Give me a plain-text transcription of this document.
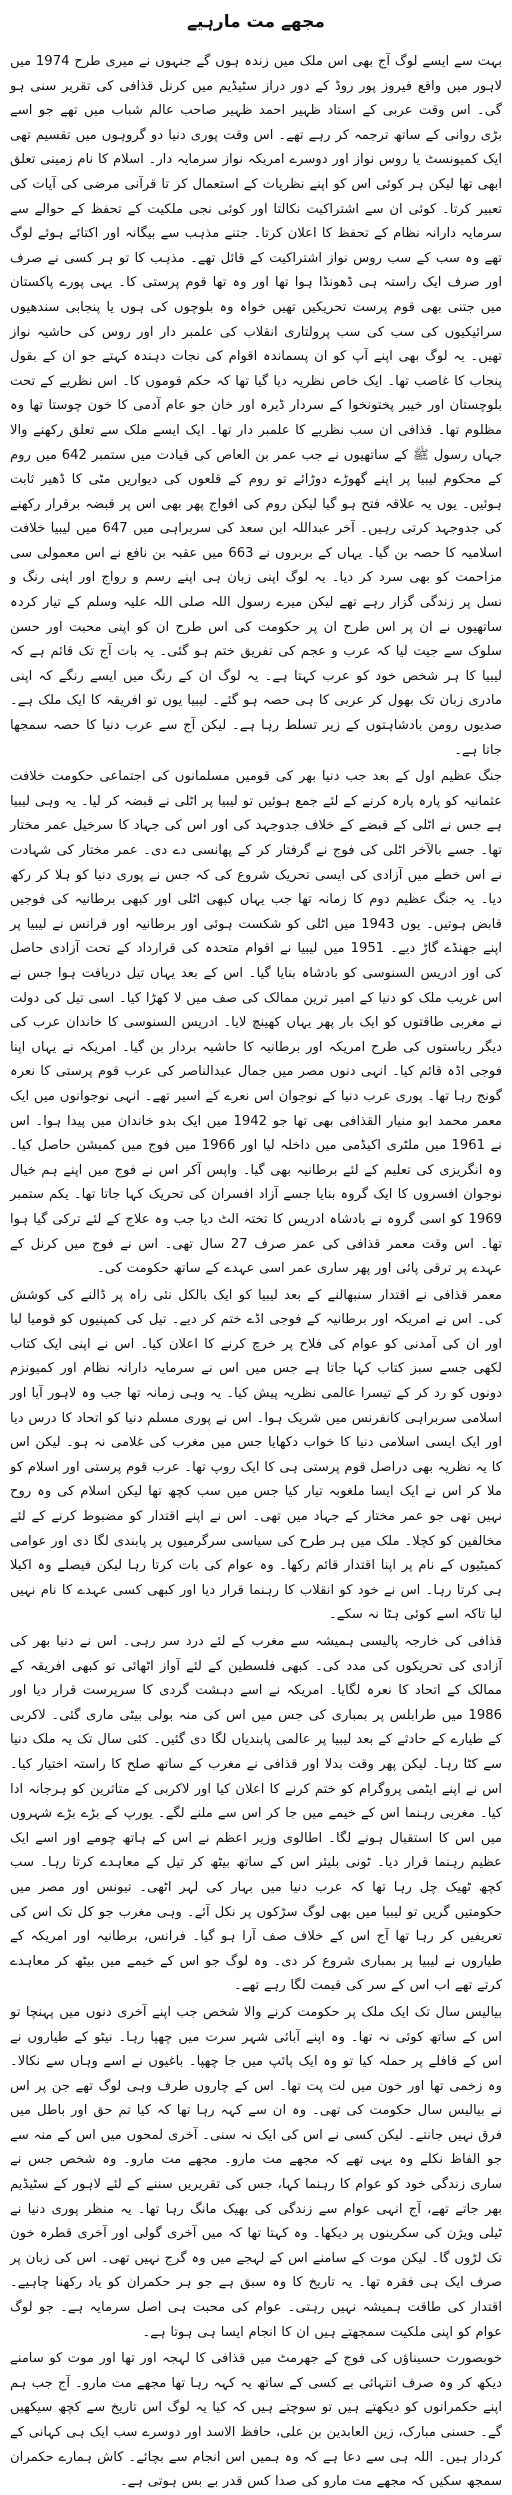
مجھے مت مارہیے

بہت سے ایسے لوگ آج بھی اس ملک میں زندہ ہوں گے جنہوں نے میری طرح 1974 میں لاہور میں واقع فیروز پور روڈ کے دور دراز سٹیڈیم میں کرنل قذافی کی تقریر سنی ہو گی۔ اس وقت عربی کے استاد ظہیر احمد ظہیر صاحب عالم شباب میں تھے جو اسے بڑی روانی کے ساتھ ترجمہ کر رہے تھے۔ اس وقت پوری دنیا دو گروہوں میں تقسیم تھی ایک کمیونسٹ یا روس نواز اور دوسرے امریکہ نواز سرمایہ دار۔ اسلام کا نام زمینی تعلق ابھی تھا لیکن ہر کوئی اس کو اپنے نظریات کے استعمال کر تا قرآنی مرضی کی آیات کی تعبیر کرتا۔ کوئی ان سے اشتراکیت نکالتا اور کوئی نجی ملکیت کے تحفظ کے حوالے سے سرمایہ دارانہ نظام کے تحفظ کا اعلان کرتا۔ جتنے مذہب سے بیگانہ اور اکتائے ہوئے لوگ تھے وہ سب کے سب روس نواز اشتراکیت کے قائل تھے۔ مذہب کا تو ہر کسی نے صرف اور صرف ایک راستہ ہی ڈھونڈا ہوا تھا اور وہ تھا قوم پرستی کا۔ یہی پورے پاکستان میں جتنی بھی قوم پرست تحریکیں تھیں خواہ وہ بلوچوں کی ہوں یا پنجابی سندھیوں سرائیکیوں کی سب کی سب پرولتاری انقلاب کی علمبر دار اور روس کی حاشیہ نواز تھیں۔ یہ لوگ بھی اپنے آپ کو ان پسماندہ اقوام کی نجات دہندہ کہتے جو ان کے بقول پنجاب کا غاصب تھا۔ ایک خاص نظریہ دیا گیا تھا کہ حکم قوموں کا۔ اس نظریے کے تحت بلوچستان اور خیبر پختونخوا کے سردار ڈیرہ اور خان جو عام آدمی کا خون چوستا تھا وہ مظلوم تھا۔ قذافی ان سب نظریے کا علمبر دار تھا۔ ایک ایسے ملک سے تعلق رکھنے والا جہاں رسول ﷺ کے ساتھیوں نے جب عمر بن العاص کی قیادت میں ستمبر 642 میں روم کے محکوم لیبیا پر اپنے گھوڑے دوڑائے تو روم کے قلعوں کی دیواریں مٹی کا ڈھیر ثابت ہوئیں۔ یوں یہ علاقہ فتح ہو گیا لیکن روم کی افواج پھر بھی اس پر قبضہ برقرار رکھنے کی جدوجہد کرتی رہیں۔ آخر عبداللہ ابن سعد کی سربراہی میں 647 میں لیبیا خلافت اسلامیہ کا حصہ بن گیا۔ یہاں کے بربروں نے 663 میں عقبہ بن نافع نے اس معمولی سی مزاحمت کو بھی سرد کر دیا۔ یہ لوگ اپنی زبان ہی اپنے رسم و رواج اور اپنی رنگ و نسل پر زندگی گزار رہے تھے لیکن میرے رسول اللہ صلی اللہ علیہ وسلم کے تیار کردہ ساتھیوں نے ان پر اس طرح ان پر حکومت کی اس طرح ان کو اپنی محبت اور حسن سلوک سے جیت لیا کہ عرب و عجم کی تفریق ختم ہو گئی۔ یہ بات آج تک قائم ہے کہ لیبیا کا ہر شخص خود کو عرب کہتا ہے۔ یہ لوگ ان کے رنگ میں ایسے رنگے کہ اپنی مادری زبان تک بھول کر عربی کا ہی حصہ ہو گئے۔ لیبیا یوں تو افریقہ کا ایک ملک ہے۔ صدیوں رومن بادشاہتوں کے زیر تسلط رہا ہے۔ لیکن آج سے عرب دنیا کا حصہ سمجھا جاتا ہے۔

جنگ عظیم اول کے بعد جب دنیا بھر کی قومیں مسلمانوں کی اجتماعی حکومت خلافت عثمانیہ کو پارہ پارہ کرنے کے لئے جمع ہوئیں تو لیبیا پر اٹلی نے قبضہ کر لیا۔ یہ وہی لیبیا ہے جس نے اٹلی کے قبضے کے خلاف جدوجہد کی اور اس کی جہاد کا سرخیل عمر مختار تھا۔ جسے بالآخر اٹلی کی فوج نے گرفتار کر کے پھانسی دے دی۔ عمر مختار کی شہادت نے اس خطے میں آزادی کی ایسی تحریک شروع کی کہ جس نے پوری دنیا کو ہلا کر رکھ دیا۔ یہ جنگ عظیم دوم کا زمانہ تھا جب یہاں کبھی اٹلی اور کبھی برطانیہ کی فوجیں قابض ہوتیں۔ یوں 1943 میں اٹلی کو شکست ہوئی اور برطانیہ اور فرانس نے لیبیا پر اپنے جھنڈے گاڑ دیے۔ 1951 میں لیبیا نے اقوام متحدہ کی قرارداد کے تحت آزادی حاصل کی اور ادریس السنوسی کو بادشاہ بنایا گیا۔ اس کے بعد یہاں تیل دریافت ہوا جس نے اس غریب ملک کو دنیا کے امیر ترین ممالک کی صف میں لا کھڑا کیا۔ اسی تیل کی دولت نے مغربی طاقتوں کو ایک بار پھر یہاں کھینچ لایا۔ ادریس السنوسی کا خاندان عرب کی دیگر ریاستوں کی طرح امریکہ اور برطانیہ کا حاشیہ بردار بن گیا۔ امریکہ نے یہاں اپنا فوجی اڈہ قائم کیا۔ انہی دنوں مصر میں جمال عبدالناصر کی عرب قوم پرستی کا نعرہ گونج رہا تھا۔ پوری عرب دنیا کے نوجوان اس نعرے کے اسیر تھے۔ انہی نوجوانوں میں ایک معمر محمد ابو منیار القذافی بھی تھا جو 1942 میں ایک بدو خاندان میں پیدا ہوا۔ اس نے 1961 میں ملٹری اکیڈمی میں داخلہ لیا اور 1966 میں فوج میں کمیشن حاصل کیا۔ وہ انگریزی کی تعلیم کے لئے برطانیہ بھی گیا۔ واپس آکر اس نے فوج میں اپنے ہم خیال نوجوان افسروں کا ایک گروہ بنایا جسے آزاد افسران کی تحریک کہا جاتا تھا۔ یکم ستمبر 1969 کو اسی گروہ نے بادشاہ ادریس کا تختہ الٹ دیا جب وہ علاج کے لئے ترکی گیا ہوا تھا۔ اس وقت معمر قذافی کی عمر صرف 27 سال تھی۔ اس نے فوج میں کرنل کے عہدے پر ترقی پائی اور پھر ساری عمر اسی عہدے کے ساتھ حکومت کی۔

معمر قذافی نے اقتدار سنبھالنے کے بعد لیبیا کو ایک بالکل نئی راہ پر ڈالنے کی کوشش کی۔ اس نے امریکہ اور برطانیہ کے فوجی اڈے ختم کر دیے۔ تیل کی کمپنیوں کو قومیا لیا اور ان کی آمدنی کو عوام کی فلاح پر خرچ کرنے کا اعلان کیا۔ اس نے اپنی ایک کتاب لکھی جسے سبز کتاب کہا جاتا ہے جس میں اس نے سرمایہ دارانہ نظام اور کمیونزم دونوں کو رد کر کے تیسرا عالمی نظریہ پیش کیا۔ یہ وہی زمانہ تھا جب وہ لاہور آیا اور اسلامی سربراہی کانفرنس میں شریک ہوا۔ اس نے پوری مسلم دنیا کو اتحاد کا درس دیا اور ایک ایسی اسلامی دنیا کا خواب دکھایا جس میں مغرب کی غلامی نہ ہو۔ لیکن اس کا یہ نظریہ بھی دراصل قوم پرستی ہی کا ایک روپ تھا۔ عرب قوم پرستی اور اسلام کو ملا کر اس نے ایک ایسا ملغوبہ تیار کیا جس میں سب کچھ تھا لیکن اسلام کی وہ روح نہیں تھی جو عمر مختار کے جہاد میں تھی۔ اس نے اپنے اقتدار کو مضبوط کرنے کے لئے مخالفین کو کچلا۔ ملک میں ہر طرح کی سیاسی سرگرمیوں پر پابندی لگا دی اور عوامی کمیٹیوں کے نام پر اپنا اقتدار قائم رکھا۔ وہ عوام کی بات کرتا رہا لیکن فیصلے وہ اکیلا ہی کرتا رہا۔ اس نے خود کو انقلاب کا رہنما قرار دیا اور کبھی کسی عہدے کا نام نہیں لیا تاکہ اسے کوئی ہٹا نہ سکے۔

قذافی کی خارجہ پالیسی ہمیشہ سے مغرب کے لئے درد سر رہی۔ اس نے دنیا بھر کی آزادی کی تحریکوں کی مدد کی۔ کبھی فلسطین کے لئے آواز اٹھائی تو کبھی افریقہ کے ممالک کے اتحاد کا نعرہ لگایا۔ امریکہ نے اسے دہشت گردی کا سرپرست قرار دیا اور 1986 میں طرابلس پر بمباری کی جس میں اس کی منہ بولی بیٹی ماری گئی۔ لاکربی کے طیارے کے حادثے کے بعد لیبیا پر عالمی پابندیاں لگا دی گئیں۔ کئی سال تک یہ ملک دنیا سے کٹا رہا۔ لیکن پھر وقت بدلا اور قذافی نے مغرب کے ساتھ صلح کا راستہ اختیار کیا۔ اس نے اپنے ایٹمی پروگرام کو ختم کرنے کا اعلان کیا اور لاکربی کے متاثرین کو ہرجانہ ادا کیا۔ مغربی رہنما اس کے خیمے میں جا کر اس سے ملنے لگے۔ یورپ کے بڑے بڑے شہروں میں اس کا استقبال ہونے لگا۔ اطالوی وزیر اعظم نے اس کے ہاتھ چومے اور اسے ایک عظیم رہنما قرار دیا۔ ٹونی بلیئر اس کے ساتھ بیٹھ کر تیل کے معاہدے کرتا رہا۔ سب کچھ ٹھیک چل رہا تھا کہ عرب دنیا میں بہار کی لہر اٹھی۔ تیونس اور مصر میں حکومتیں گریں تو لیبیا میں بھی لوگ سڑکوں پر نکل آئے۔ وہی مغرب جو کل تک اس کی تعریفیں کر رہا تھا آج اس کے خلاف صف آرا ہو گیا۔ فرانس، برطانیہ اور امریکہ کے طیاروں نے لیبیا پر بمباری شروع کر دی۔ وہ لوگ جو اس کے خیمے میں بیٹھ کر معاہدے کرتے تھے اب اس کے سر کی قیمت لگا رہے تھے۔

بیالیس سال تک ایک ملک پر حکومت کرنے والا شخص جب اپنے آخری دنوں میں پہنچا تو اس کے ساتھ کوئی نہ تھا۔ وہ اپنے آبائی شہر سرت میں چھپا رہا۔ نیٹو کے طیاروں نے اس کے قافلے پر حملہ کیا تو وہ ایک پائپ میں جا چھپا۔ باغیوں نے اسے وہاں سے نکالا۔ وہ زخمی تھا اور خون میں لت پت تھا۔ اس کے چاروں طرف وہی لوگ تھے جن پر اس نے بیالیس سال حکومت کی تھی۔ وہ ان سے کہہ رہا تھا کہ کیا تم حق اور باطل میں فرق نہیں جانتے۔ لیکن کسی نے اس کی ایک نہ سنی۔ آخری لمحوں میں اس کے منہ سے جو الفاظ نکلے وہ یہی تھے کہ مجھے مت مارو۔ مجھے مت مارو۔ وہ شخص جس نے ساری زندگی خود کو عوام کا رہنما کہا، جس کی تقریریں سننے کے لئے لاہور کے سٹیڈیم بھر جاتے تھے، آج انہی عوام سے زندگی کی بھیک مانگ رہا تھا۔ یہ منظر پوری دنیا نے ٹیلی ویژن کی سکرینوں پر دیکھا۔ وہ کہتا تھا کہ میں آخری گولی اور آخری قطرہ خون تک لڑوں گا۔ لیکن موت کے سامنے اس کے لہجے میں وہ گرج نہیں تھی۔ اس کی زبان پر صرف ایک ہی فقرہ تھا۔ یہ تاریخ کا وہ سبق ہے جو ہر حکمران کو یاد رکھنا چاہیے۔ اقتدار کی طاقت ہمیشہ نہیں رہتی۔ عوام کی محبت ہی اصل سرمایہ ہے۔ جو لوگ عوام کو اپنی ملکیت سمجھتے ہیں ان کا انجام ایسا ہی ہوتا ہے۔

خوبصورت حسیناؤں کی فوج کے جھرمٹ میں قذافی کا لہجہ اور تھا اور موت کو سامنے دیکھ کر وہ صرف انتہائی بے کسی کے ساتھ یہ کہہ رہا تھا مجھے مت مارو۔ آج جب ہم اپنے حکمرانوں کو دیکھتے ہیں تو سوچتے ہیں کہ کیا یہ لوگ اس تاریخ سے کچھ سیکھیں گے۔ حسنی مبارک، زین العابدین بن علی، حافظ الاسد اور دوسرے سب ایک ہی کہانی کے کردار ہیں۔ اللہ ہی سے دعا ہے کہ وہ ہمیں اس انجام سے بچائے۔ کاش ہمارے حکمران سمجھ سکیں کہ مجھے مت مارو کی صدا کس قدر بے بس ہوتی ہے۔
